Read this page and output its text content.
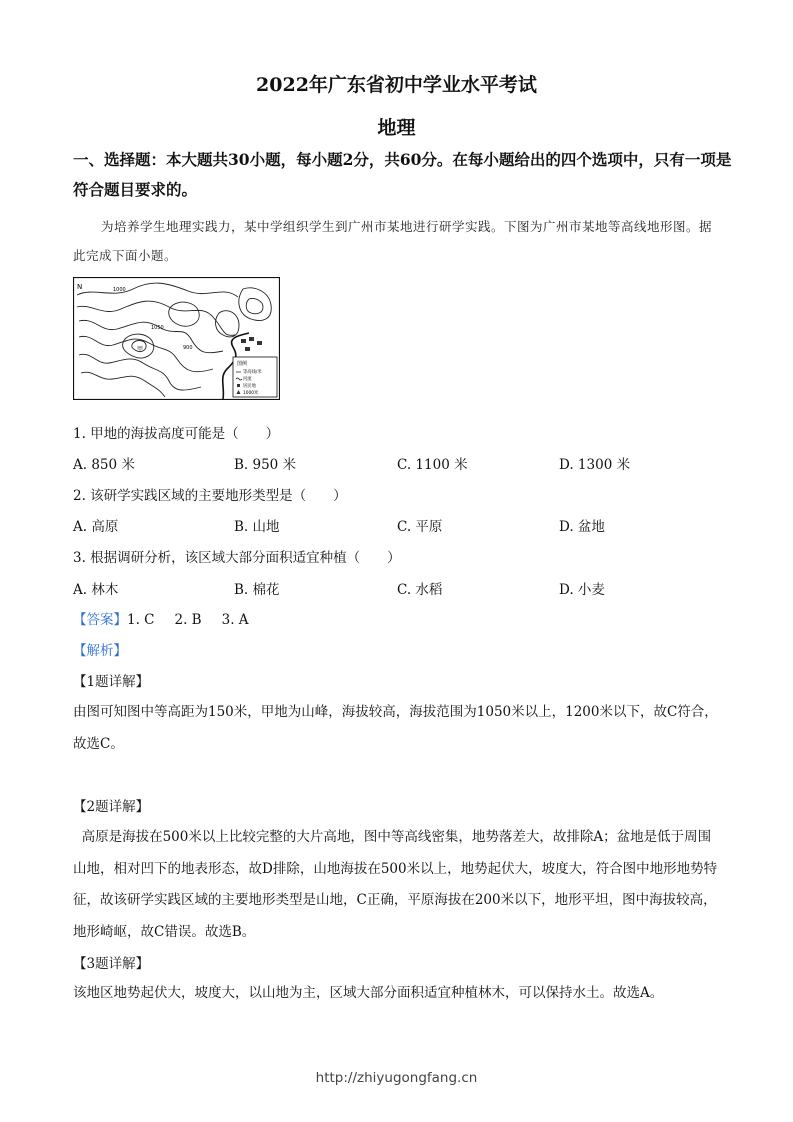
2022年广东省初中学业水平考试
地理
一、选择题：本大题共30小题，每小题2分，共60分。在每小题给出的四个选项中，只有一项是符合题目要求的。
为培养学生地理实践力，某中学组织学生到广州市某地进行研学实践。下图为广州市某地等高线地形图。据此完成下面小题。
N	1000
1050
900
甲
图例
等高线/米
河流
居民地
1000米
1. 甲地的海拔高度可能是（　　）
A. 850 米	B. 950 米	C. 1100 米	D. 1300 米
2. 该研学实践区域的主要地形类型是（　　）
A. 高原	B. 山地	C. 平原	D. 盆地
3. 根据调研分析，该区域大部分面积适宜种植（　　）
A. 林木	B. 棉花	C. 水稻	D. 小麦
【答案】1. C 2. B 3. A
【解析】
【1题详解】
由图可知图中等高距为150米，甲地为山峰，海拔较高，海拔范围为1050米以上，1200米以下，故C符合，故选C。
【2题详解】
高原是海拔在500米以上比较完整的大片高地，图中等高线密集，地势落差大，故排除A；盆地是低于周围山地，相对凹下的地表形态，故D排除，山地海拔在500米以上，地势起伏大，坡度大，符合图中地形地势特征，故该研学实践区域的主要地形类型是山地，C正确，平原海拔在200米以下，地形平坦，图中海拔较高，地形崎岖，故C错误。故选B。
【3题详解】
该地区地势起伏大，坡度大，以山地为主，区域大部分面积适宜种植林木，可以保持水土。故选A。
http://zhiyugongfang.cn
